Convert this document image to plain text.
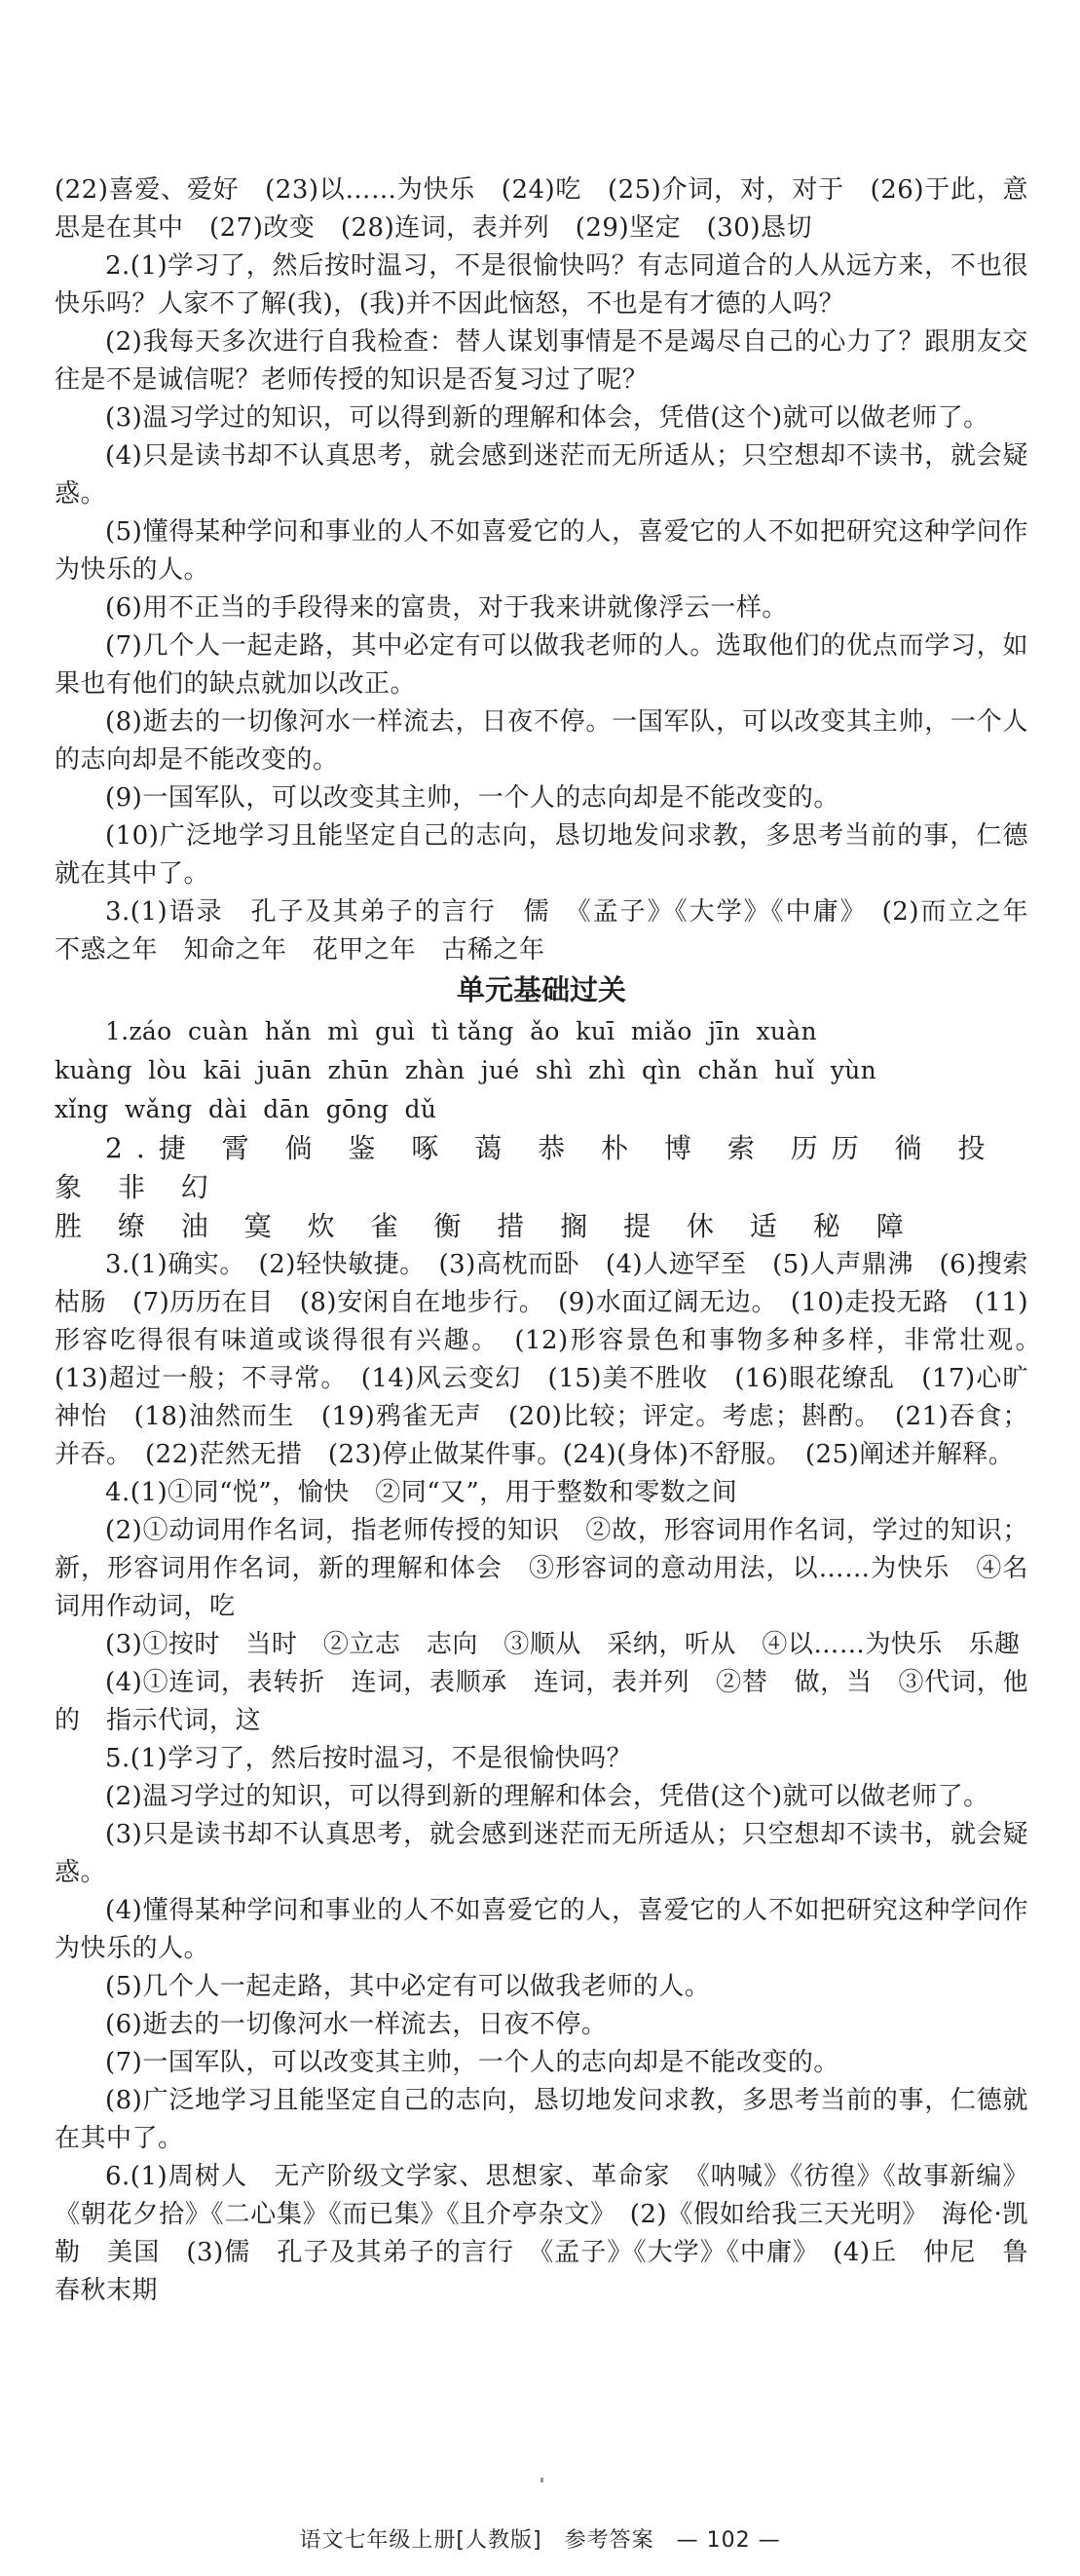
(22)喜爱、爱好　(23)以……为快乐　(24)吃　(25)介词，对，对于　(26)于此，意思是在其中　(27)改变　(28)连词，表并列　(29)坚定　(30)恳切
2.(1)学习了，然后按时温习，不是很愉快吗？有志同道合的人从远方来，不也很快乐吗？人家不了解(我)，(我)并不因此恼怒，不也是有才德的人吗？
(2)我每天多次进行自我检查：替人谋划事情是不是竭尽自己的心力了？跟朋友交往是不是诚信呢？老师传授的知识是否复习过了呢？
(3)温习学过的知识，可以得到新的理解和体会，凭借(这个)就可以做老师了。
(4)只是读书却不认真思考，就会感到迷茫而无所适从；只空想却不读书，就会疑惑。
(5)懂得某种学问和事业的人不如喜爱它的人，喜爱它的人不如把研究这种学问作为快乐的人。
(6)用不正当的手段得来的富贵，对于我来讲就像浮云一样。
(7)几个人一起走路，其中必定有可以做我老师的人。选取他们的优点而学习，如果也有他们的缺点就加以改正。
(8)逝去的一切像河水一样流去，日夜不停。一国军队，可以改变其主帅，一个人的志向却是不能改变的。
(9)一国军队，可以改变其主帅，一个人的志向却是不能改变的。
(10)广泛地学习且能坚定自己的志向，恳切地发问求教，多思考当前的事，仁德就在其中了。
3.(1)语录　孔子及其弟子的言行　儒　《孟子》《大学》《中庸》　(2)而立之年　不惑之年　知命之年　花甲之年　古稀之年
单元基础过关
1.záo  cuàn  hǎn  mì  guì  tì tǎng  ǎo  kuī  miǎo  jīn  xuàn
kuàng  lòu  kāi  juān  zhūn  zhàn  jué  shì  zhì  qìn  chǎn  huǐ  yùn
xǐng  wǎng  dài  dān  gōng  dǔ
2.捷 霄 倘 鉴 啄 蔼 恭 朴 博 索 历历 徜 投 象 非 幻
胜 缭 油 寞 炊 雀 衡 措 搁 提 休 适 秘 障
3.(1)确实。　(2)轻快敏捷。　(3)高枕而卧　(4)人迹罕至　(5)人声鼎沸　(6)搜索枯肠　(7)历历在目　(8)安闲自在地步行。　(9)水面辽阔无边。　(10)走投无路　(11)形容吃得很有味道或谈得很有兴趣。　(12)形容景色和事物多种多样，非常壮观。　(13)超过一般；不寻常。　(14)风云变幻　(15)美不胜收　(16)眼花缭乱　(17)心旷神怡　(18)油然而生　(19)鸦雀无声　(20)比较；评定。考虑；斟酌。　(21)吞食；并吞。　(22)茫然无措　(23)停止做某件事。(24)(身体)不舒服。　(25)阐述并解释。
4.(1)①同“悦”，愉快　②同“又”，用于整数和零数之间
(2)①动词用作名词，指老师传授的知识　②故，形容词用作名词，学过的知识；新，形容词用作名词，新的理解和体会　③形容词的意动用法，以……为快乐　④名词用作动词，吃
(3)①按时　当时　②立志　志向　③顺从　采纳，听从　④以……为快乐　乐趣
(4)①连词，表转折　连词，表顺承　连词，表并列　②替　做，当　③代词，他的　指示代词，这
5.(1)学习了，然后按时温习，不是很愉快吗？
(2)温习学过的知识，可以得到新的理解和体会，凭借(这个)就可以做老师了。
(3)只是读书却不认真思考，就会感到迷茫而无所适从；只空想却不读书，就会疑惑。
(4)懂得某种学问和事业的人不如喜爱它的人，喜爱它的人不如把研究这种学问作为快乐的人。
(5)几个人一起走路，其中必定有可以做我老师的人。
(6)逝去的一切像河水一样流去，日夜不停。
(7)一国军队，可以改变其主帅，一个人的志向却是不能改变的。
(8)广泛地学习且能坚定自己的志向，恳切地发问求教，多思考当前的事，仁德就在其中了。
6.(1)周树人　无产阶级文学家、思想家、革命家　《呐喊》《彷徨》《故事新编》《朝花夕拾》《二心集》《而已集》《且介亭杂文》　(2)《假如给我三天光明》　海伦·凯勒　美国　(3)儒　孔子及其弟子的言行　《孟子》《大学》《中庸》　(4)丘　仲尼　鲁　春秋末期
语文七年级上册[人教版]　参考答案　— 102 —
